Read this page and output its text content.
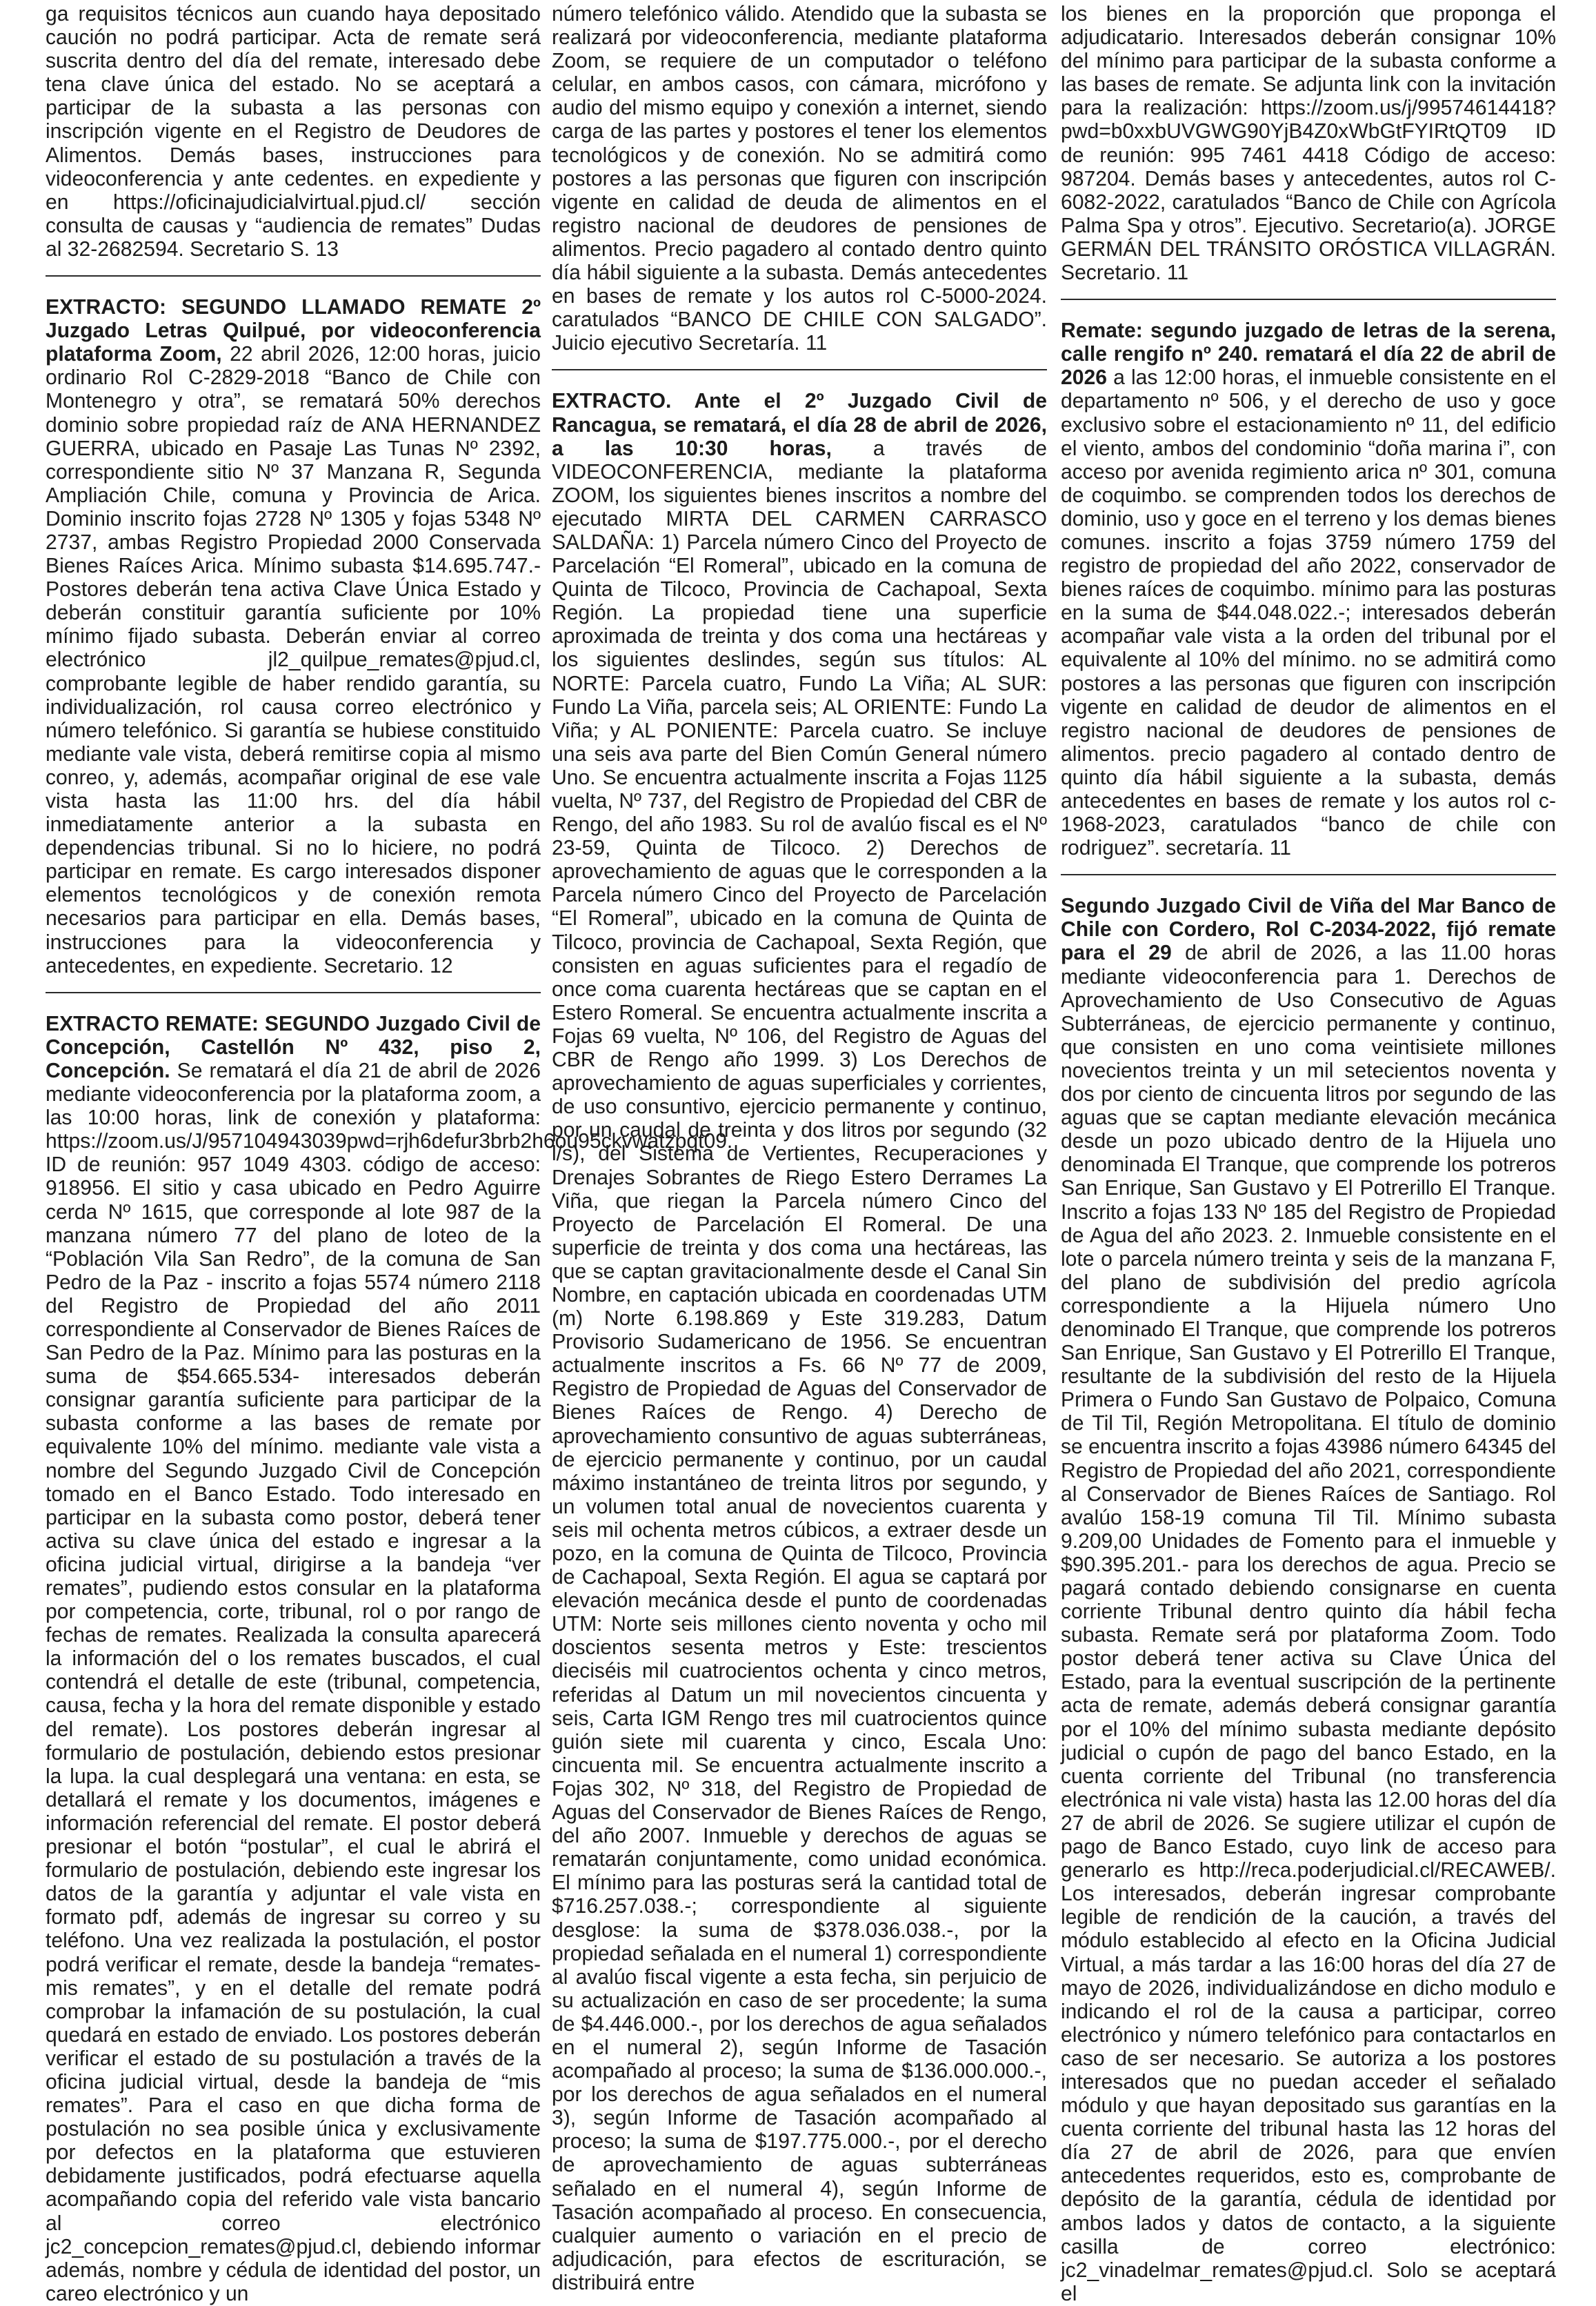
ga requisitos técnicos aun cuando haya depositado caución no podrá participar. Acta de remate será suscrita dentro del día del remate, interesado debe tena clave única del estado. No se aceptará a participar de la subasta a las personas con inscripción vigente en el Registro de Deudores de Alimentos. Demás bases, instrucciones para videoconferencia y ante cedentes. en expediente y en https://oficinajudicialvirtual.pjud.cl/ sección consulta de causas y “audiencia de remates” Dudas al 32-2682594. Secretario S. 13

EXTRACTO: SEGUNDO LLAMADO REMATE 2º Juzgado Letras Quilpué, por videoconferencia plataforma Zoom, 22 abril 2026, 12:00 horas, juicio ordinario Rol C-2829-2018 “Banco de Chile con Montenegro y otra”, se rematará 50% derechos dominio sobre propiedad raíz de ANA HERNANDEZ GUERRA, ubicado en Pasaje Las Tunas Nº 2392, correspondiente sitio Nº 37 Manzana R, Segunda Ampliación Chile, comuna y Provincia de Arica. Dominio inscrito fojas 2728 Nº 1305 y fojas 5348 Nº 2737, ambas Registro Propiedad 2000 Conservada Bienes Raíces Arica. Mínimo subasta $14.695.747.- Postores deberán tena activa Clave Única Estado y deberán constituir garantía suficiente por 10% mínimo fijado subasta. Deberán enviar al correo electrónico jl2_quilpue_remates@pjud.cl, comprobante legible de haber rendido garantía, su individualización, rol causa correo electrónico y número telefónico. Si garantía se hubiese constituido mediante vale vista, deberá remitirse copia al mismo conreo, y, además, acompañar original de ese vale vista hasta las 11:00 hrs. del día hábil inmediatamente anterior a la subasta en dependencias tribunal. Si no lo hiciere, no podrá participar en remate. Es cargo interesados disponer elementos tecnológicos y de conexión remota necesarios para participar en ella. Demás bases, instrucciones para la videoconferencia y antecedentes, en expediente. Secretario. 12

EXTRACTO REMATE: SEGUNDO Juzgado Civil de Concepción, Castellón Nº 432, piso 2, Concepción. Se rematará el día 21 de abril de 2026 mediante videoconferencia por la plataforma zoom, a las 10:00 horas, link de conexión y plataforma: https://zoom.us/J/957104943039pwd=rjh6defur3brb2h6ou95ckvwatzpqt09. ID de reunión: 957 1049 4303. código de acceso: 918956. El sitio y casa ubicado en Pedro Aguirre cerda Nº 1615, que corresponde al lote 987 de la manzana número 77 del plano de loteo de la “Población Vila San Redro”, de la comuna de San Pedro de la Paz - inscrito a fojas 5574 número 2118 del Registro de Propiedad del año 2011 correspondiente al Conservador de Bienes Raíces de San Pedro de la Paz. Mínimo para las posturas en la suma de $54.665.534- interesados deberán consignar garantía suficiente para participar de la subasta conforme a las bases de remate por equivalente 10% del mínimo. mediante vale vista a nombre del Segundo Juzgado Civil de Concepción tomado en el Banco Estado. Todo interesado en participar en la subasta como postor, deberá tener activa su clave única del estado e ingresar a la oficina judicial virtual, dirigirse a la bandeja “ver remates”, pudiendo estos consular en la plataforma por competencia, corte, tribunal, rol o por rango de fechas de remates. Realizada la consulta aparecerá la información del o los remates buscados, el cual contendrá el detalle de este (tribunal, competencia, causa, fecha y la hora del remate disponible y estado del remate). Los postores deberán ingresar al formulario de postulación, debiendo estos presionar la lupa. la cual desplegará una ventana: en esta, se detallará el remate y los documentos, imágenes e información referencial del remate. El postor deberá presionar el botón “postular”, el cual le abrirá el formulario de postulación, debiendo este ingresar los datos de la garantía y adjuntar el vale vista en formato pdf, además de ingresar su correo y su teléfono. Una vez realizada la postulación, el postor podrá verificar el remate, desde la bandeja “remates-mis remates”, y en el detalle del remate podrá comprobar la infamación de su postulación, la cual quedará en estado de enviado. Los postores deberán verificar el estado de su postulación a través de la oficina judicial virtual, desde la bandeja de “mis remates”. Para el caso en que dicha forma de postulación no sea posible única y exclusivamente por defectos en la plataforma que estuvieren debidamente justificados, podrá efectuarse aquella acompañando copia del referido vale vista bancario al correo electrónico jc2_concepcion_remates@pjud.cl, debiendo informar además, nombre y cédula de identidad del postor, un careo electrónico y un

número telefónico válido. Atendido que la subasta se realizará por videoconferencia, mediante plataforma Zoom, se requiere de un computador o teléfono celular, en ambos casos, con cámara, micrófono y audio del mismo equipo y conexión a internet, siendo carga de las partes y postores el tener los elementos tecnológicos y de conexión. No se admitirá como postores a las personas que figuren con inscripción vigente en calidad de deuda de alimentos en el registro nacional de deudores de pensiones de alimentos. Precio pagadero al contado dentro quinto día hábil siguiente a la subasta. Demás antecedentes en bases de remate y los autos rol C-5000-2024. caratulados “BANCO DE CHILE CON SALGADO”. Juicio ejecutivo Secretaría. 11

EXTRACTO. Ante el 2º Juzgado Civil de Rancagua, se rematará, el día 28 de abril de 2026, a las 10:30 horas, a través de VIDEOCONFERENCIA, mediante la plataforma ZOOM, los siguientes bienes inscritos a nombre del ejecutado MIRTA DEL CARMEN CARRASCO SALDAÑA: 1) Parcela número Cinco del Proyecto de Parcelación “El Romeral”, ubicado en la comuna de Quinta de Tilcoco, Provincia de Cachapoal, Sexta Región. La propiedad tiene una superficie aproximada de treinta y dos coma una hectáreas y los siguientes deslindes, según sus títulos: AL NORTE: Parcela cuatro, Fundo La Viña; AL SUR: Fundo La Viña, parcela seis; AL ORIENTE: Fundo La Viña; y AL PONIENTE: Parcela cuatro. Se incluye una seis ava parte del Bien Común General número Uno. Se encuentra actualmente inscrita a Fojas 1125 vuelta, Nº 737, del Registro de Propiedad del CBR de Rengo, del año 1983. Su rol de avalúo fiscal es el Nº 23-59, Quinta de Tilcoco. 2) Derechos de aprovechamiento de aguas que le corresponden a la Parcela número Cinco del Proyecto de Parcelación “El Romeral”, ubicado en la comuna de Quinta de Tilcoco, provincia de Cachapoal, Sexta Región, que consisten en aguas suficientes para el regadío de once coma cuarenta hectáreas que se captan en el Estero Romeral. Se encuentra actualmente inscrita a Fojas 69 vuelta, Nº 106, del Registro de Aguas del CBR de Rengo año 1999. 3) Los Derechos de aprovechamiento de aguas superficiales y corrientes, de uso consuntivo, ejercicio permanente y continuo, por un caudal de treinta y dos litros por segundo (32 l/s), del Sistema de Vertientes, Recuperaciones y Drenajes Sobrantes de Riego Estero Derrames La Viña, que riegan la Parcela número Cinco del Proyecto de Parcelación El Romeral. De una superficie de treinta y dos coma una hectáreas, las que se captan gravitacionalmente desde el Canal Sin Nombre, en captación ubicada en coordenadas UTM (m) Norte 6.198.869 y Este 319.283, Datum Provisorio Sudamericano de 1956. Se encuentran actualmente inscritos a Fs. 66 Nº 77 de 2009, Registro de Propiedad de Aguas del Conservador de Bienes Raíces de Rengo. 4) Derecho de aprovechamiento consuntivo de aguas subterráneas, de ejercicio permanente y continuo, por un caudal máximo instantáneo de treinta litros por segundo, y un volumen total anual de novecientos cuarenta y seis mil ochenta metros cúbicos, a extraer desde un pozo, en la comuna de Quinta de Tilcoco, Provincia de Cachapoal, Sexta Región. El agua se captará por elevación mecánica desde el punto de coordenadas UTM: Norte seis millones ciento noventa y ocho mil doscientos sesenta metros y Este: trescientos dieciséis mil cuatrocientos ochenta y cinco metros, referidas al Datum un mil novecientos cincuenta y seis, Carta IGM Rengo tres mil cuatrocientos quince guión siete mil cuarenta y cinco, Escala Uno: cincuenta mil. Se encuentra actualmente inscrito a Fojas 302, Nº 318, del Registro de Propiedad de Aguas del Conservador de Bienes Raíces de Rengo, del año 2007. Inmueble y derechos de aguas se rematarán conjuntamente, como unidad económica. El mínimo para las posturas será la cantidad total de $716.257.038.-; correspondiente al siguiente desglose: la suma de $378.036.038.-, por la propiedad señalada en el numeral 1) correspondiente al avalúo fiscal vigente a esta fecha, sin perjuicio de su actualización en caso de ser procedente; la suma de $4.446.000.-, por los derechos de agua señalados en el numeral 2), según Informe de Tasación acompañado al proceso; la suma de $136.000.000.-, por los derechos de agua señalados en el numeral 3), según Informe de Tasación acompañado al proceso; la suma de $197.775.000.-, por el derecho de aprovechamiento de aguas subterráneas señalado en el numeral 4), según Informe de Tasación acompañado al proceso. En consecuencia, cualquier aumento o variación en el precio de adjudicación, para efectos de escrituración, se distribuirá entre

los bienes en la proporción que proponga el adjudicatario. Interesados deberán consignar 10% del mínimo para participar de la subasta conforme a las bases de remate. Se adjunta link con la invitación para la realización: https://zoom.us/j/99574614418?pwd=b0xxbUVGWG90YjB4Z0xWbGtFYIRtQT09 ID de reunión: 995 7461 4418 Código de acceso: 987204. Demás bases y antecedentes, autos rol C-6082-2022, caratulados “Banco de Chile con Agrícola Palma Spa y otros”. Ejecutivo. Secretario(a). JORGE GERMÁN DEL TRÁNSITO ORÓSTICA VILLAGRÁN. Secretario. 11

Remate: segundo juzgado de letras de la serena, calle rengifo nº 240. rematará el día 22 de abril de 2026 a las 12:00 horas, el inmueble consistente en el departamento nº 506, y el derecho de uso y goce exclusivo sobre el estacionamiento nº 11, del edificio el viento, ambos del condominio “doña marina i”, con acceso por avenida regimiento arica nº 301, comuna de coquimbo. se comprenden todos los derechos de dominio, uso y goce en el terreno y los demas bienes comunes. inscrito a fojas 3759 número 1759 del registro de propiedad del año 2022, conservador de bienes raíces de coquimbo. mínimo para las posturas en la suma de $44.048.022.-; interesados deberán acompañar vale vista a la orden del tribunal por el equivalente al 10% del mínimo. no se admitirá como postores a las personas que figuren con inscripción vigente en calidad de deudor de alimentos en el registro nacional de deudores de pensiones de alimentos. precio pagadero al contado dentro de quinto día hábil siguiente a la subasta, demás antecedentes en bases de remate y los autos rol c-1968-2023, caratulados “banco de chile con rodriguez”. secretaría. 11

Segundo Juzgado Civil de Viña del Mar Banco de Chile con Cordero, Rol C-2034-2022, fijó remate para el 29 de abril de 2026, a las 11.00 horas mediante videoconferencia para 1. Derechos de Aprovechamiento de Uso Consecutivo de Aguas Subterráneas, de ejercicio permanente y continuo, que consisten en uno coma veintisiete millones novecientos treinta y un mil setecientos noventa y dos por ciento de cincuenta litros por segundo de las aguas que se captan mediante elevación mecánica desde un pozo ubicado dentro de la Hijuela uno denominada El Tranque, que comprende los potreros San Enrique, San Gustavo y El Potrerillo El Tranque. Inscrito a fojas 133 Nº 185 del Registro de Propiedad de Agua del año 2023. 2. Inmueble consistente en el lote o parcela número treinta y seis de la manzana F, del plano de subdivisión del predio agrícola correspondiente a la Hijuela número Uno denominado El Tranque, que comprende los potreros San Enrique, San Gustavo y El Potrerillo El Tranque, resultante de la subdivisión del resto de la Hijuela Primera o Fundo San Gustavo de Polpaico, Comuna de Til Til, Región Metropolitana. El título de dominio se encuentra inscrito a fojas 43986 número 64345 del Registro de Propiedad del año 2021, correspondiente al Conservador de Bienes Raíces de Santiago. Rol avalúo 158-19 comuna Til Til. Mínimo subasta 9.209,00 Unidades de Fomento para el inmueble y $90.395.201.- para los derechos de agua. Precio se pagará contado debiendo consignarse en cuenta corriente Tribunal dentro quinto día hábil fecha subasta. Remate será por plataforma Zoom. Todo postor deberá tener activa su Clave Única del Estado, para la eventual suscripción de la pertinente acta de remate, además deberá consignar garantía por el 10% del mínimo subasta mediante depósito judicial o cupón de pago del banco Estado, en la cuenta corriente del Tribunal (no transferencia electrónica ni vale vista) hasta las 12.00 horas del día 27 de abril de 2026. Se sugiere utilizar el cupón de pago de Banco Estado, cuyo link de acceso para generarlo es http://reca.poderjudicial.cl/RECAWEB/. Los interesados, deberán ingresar comprobante legible de rendición de la caución, a través del módulo establecido al efecto en la Oficina Judicial Virtual, a más tardar a las 16:00 horas del día 27 de mayo de 2026, individualizándose en dicho modulo e indicando el rol de la causa a participar, correo electrónico y número telefónico para contactarlos en caso de ser necesario. Se autoriza a los postores interesados que no puedan acceder el señalado módulo y que hayan depositado sus garantías en la cuenta corriente del tribunal hasta las 12 horas del día 27 de abril de 2026, para que envíen antecedentes requeridos, esto es, comprobante de depósito de la garantía, cédula de identidad por ambos lados y datos de contacto, a la siguiente casilla de correo electrónico: jc2_vinadelmar_remates@pjud.cl. Solo se aceptará el
